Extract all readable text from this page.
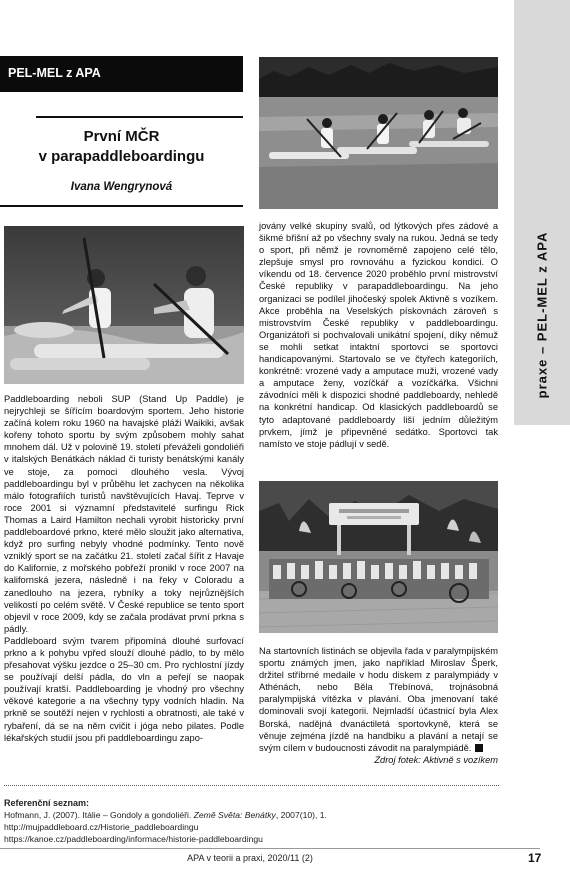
praxe – PEL-MEL z APA
PEL-MEL z APA
První MČR
v parapaddleboardingu
Ivana Wengrynová

Paddleboarding neboli SUP (Stand Up Paddle) je nejrychleji se šířícím boardovým sportem. Jeho historie začíná kolem roku 1960 na havajské pláži Waikiki, avšak kořeny tohoto sportu by svým způsobem mohly sahat mnohem dál. Už v polovině 19. století převáželi gondoliéři v italských Benátkách náklad či turisty benátskými kanály ve stoje, za pomoci dlouhého vesla. Vývoj paddleboardingu byl v průběhu let zachycen na několika málo fotografiích turistů navštěvujících Havaj. Teprve v roce 2001 si významní představitelé surfingu Rick Thomas a Laird Hamilton nechali vyrobit historicky první paddleboardové prkno, které mělo sloužit jako alternativa, když pro surfing nebyly vhodné podmínky. Tento nově vzniklý sport se na začátku 21. století začal šířit z Havaje do Kalifornie, z mořského pobřeží pronikl v roce 2007 na kalifornská jezera, následně i na řeky v Coloradu a zanedlouho na jezera, rybníky a toky nejrůznějších velikostí po celém světě. V České republice se tento sport objevil v roce 2009, kdy se začala prodávat první prkna s pádly.

Paddleboard svým tvarem připomíná dlouhé surfovací prkno a k pohybu vpřed slouží dlouhé pádlo, to by mělo přesahovat výšku jezdce o 25–30 cm. Pro rychlostní jízdy se používají delší pádla, do vln a peřejí se naopak používají kratší. Paddleboarding je vhodný pro všechny věkové kategorie a na všechny typy vodních hladin. Na prkně se soutěží nejen v rychlosti a obratnosti, ale také v rybaření, dá se na něm cvičit i jóga nebo pilates. Podle lékařských studií jsou při paddleboardingu zapo-

jovány velké skupiny svalů, od lýtkových přes zádové a šikmé břišní až po všechny svaly na rukou. Jedná se tedy o sport, při němž je rovnoměrně zapojeno celé tělo, zlepšuje smysl pro rovnováhu a fyzickou kondici. O víkendu od 18. července 2020 proběhlo první mistrovství České republiky v parapaddleboardingu. Na jeho organizaci se podílel jihočeský spolek Aktivně s vozíkem. Akce proběhla na Veselských pískovnách zároveň s mistrovstvím České republiky v paddleboardingu. Organizátoři si pochvalovali unikátní spojení, díky němuž se mohli setkat intaktní sportovci se sportovci handicapovanými. Startovalo se ve čtyřech kategoriích, konkrétně: vrozené vady a amputace muži, vrozené vady a amputace ženy, vozíčkář a vozíčkářka. Všichni závodníci měli k dispozici shodné paddleboardy, nehledě na konkrétní handicap. Od klasických paddleboardů se tyto adaptované paddleboardy liší jedním důležitým prvkem, jímž je připevněné sedátko. Sportovci tak namísto ve stoje pádlují v sedě.

Na startovních listinách se objevila řada v paralympijském sportu známých jmen, jako například Miroslav Šperk, držitel stříbrné medaile v hodu diskem z paralympiády v Athénách, nebo Běla Třebínová, trojnásobná paralympijská vítězka v plavání. Oba jmenovaní také dominovali svojí kategorii. Nejmladší účastnicí byla Alex Borská, nadějná dvanáctiletá sportovkyně, která se věnuje zejména jízdě na handbiku a plavání a netají se svým cílem v budoucnosti závodit na paralympiádě.

Zdroj fotek: Aktivně s vozíkem

Referenční seznam:
Hofmann, J. (2007). Itálie – Gondoly a gondoliéři. Země Světa: Benátky, 2007(10), 1.
http://mujpaddleboard.cz/Historie_paddleboardingu
https://kanoe.cz/paddleboarding/informace/historie-paddleboardingu
APA v teorii a praxi, 2020/11 (2)	17
